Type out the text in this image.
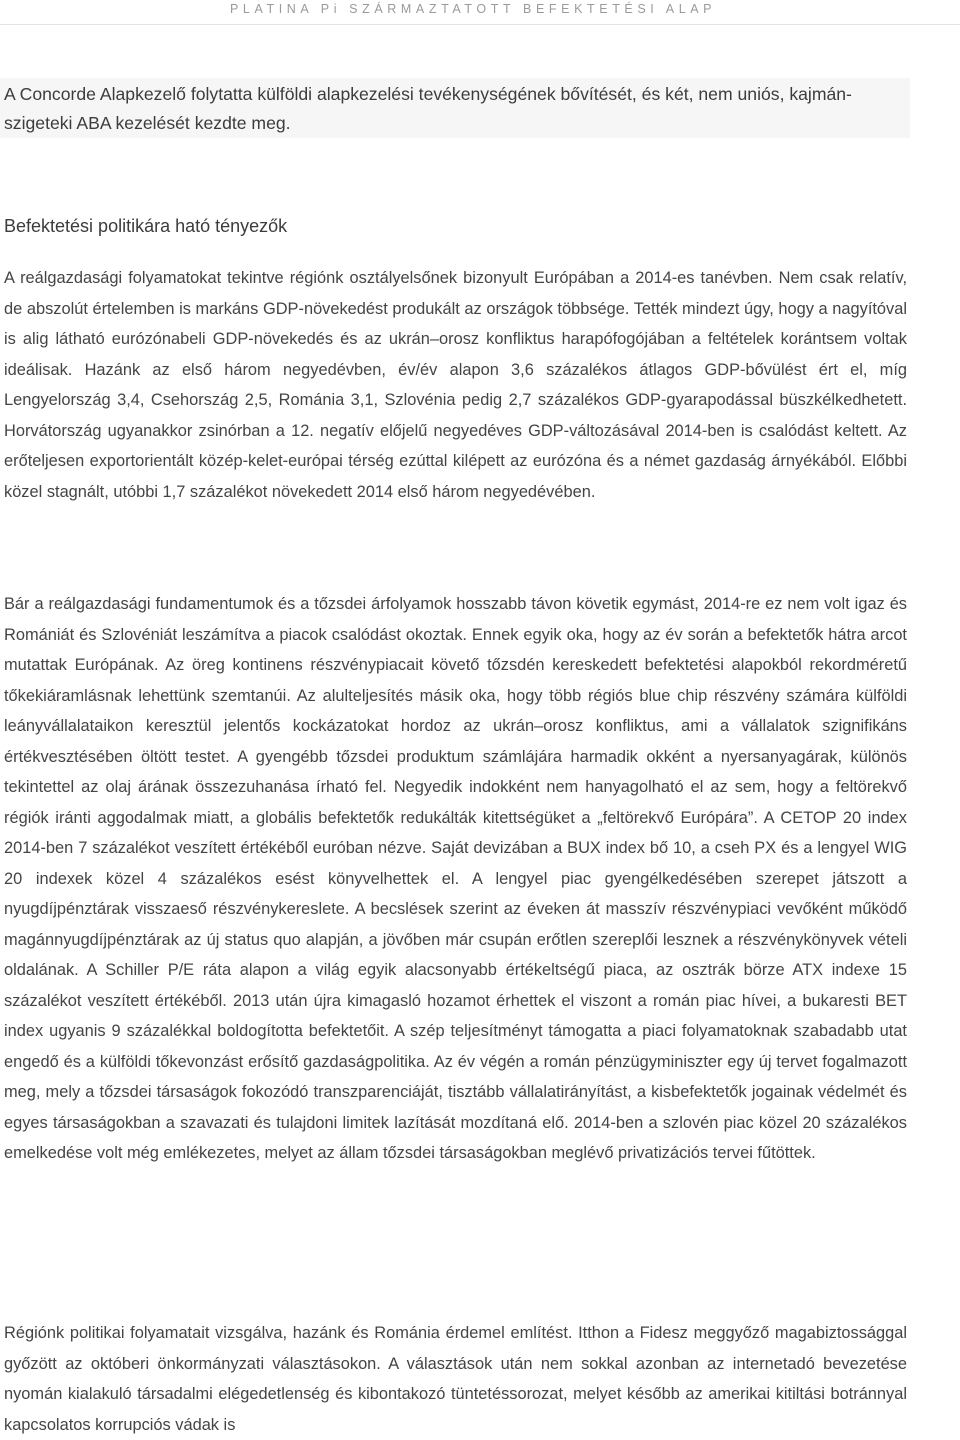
PLATINA Pi SZÁRMAZTATOTT BEFEKTETÉSI ALAP

A Concorde Alapkezelő folytatta külföldi alapkezelési tevékenységének bővítését, és két, nem uniós, kajmán-szigeteki ABA kezelését kezdte meg.

Befektetési politikára ható tényezők

A reálgazdasági folyamatokat tekintve régiónk osztályelsőnek bizonyult Európában a 2014-es tanévben. Nem csak relatív, de abszolút értelemben is markáns GDP-növekedést produkált az országok többsége. Tették mindezt úgy, hogy a nagyítóval is alig látható eurózónabeli GDP-növekedés és az ukrán–orosz konfliktus harapófogójában a feltételek korántsem voltak ideálisak. Hazánk az első három negyedévben, év/év alapon 3,6 százalékos átlagos GDP-bővülést ért el, míg Lengyelország 3,4, Csehország 2,5, Románia 3,1, Szlovénia pedig 2,7 százalékos GDP-gyarapodással büszkélkedhetett. Horvátország ugyanakkor zsinórban a 12. negatív előjelű negyedéves GDP-változásával 2014-ben is csalódást keltett. Az erőteljesen exportorientált közép-kelet-európai térség ezúttal kilépett az eurózóna és a német gazdaság árnyékából. Előbbi közel stagnált, utóbbi 1,7 százalékot növekedett 2014 első három negyedévében.

Bár a reálgazdasági fundamentumok és a tőzsdei árfolyamok hosszabb távon követik egymást, 2014-re ez nem volt igaz és Romániát és Szlovéniát leszámítva a piacok csalódást okoztak. Ennek egyik oka, hogy az év során a befektetők hátra arcot mutattak Európának. Az öreg kontinens részvénypiacait követő tőzsdén kereskedett befektetési alapokból rekordméretű tőkekiáramlásnak lehettünk szemtanúi. Az alulteljesítés másik oka, hogy több régiós blue chip részvény számára külföldi leányvállalataikon keresztül jelentős kockázatokat hordoz az ukrán–orosz konfliktus, ami a vállalatok szignifikáns értékvesztésében öltött testet. A gyengébb tőzsdei produktum számlájára harmadik okként a nyersanyagárak, különös tekintettel az olaj árának összezuhanása írható fel. Negyedik indokként nem hanyagolható el az sem, hogy a feltörekvő régiók iránti aggodalmak miatt, a globális befektetők redukálták kitettségüket a „feltörekvő Európára”. A CETOP 20 index 2014-ben 7 százalékot veszített értékéből euróban nézve. Saját devizában a BUX index bő 10, a cseh PX és a lengyel WIG 20 indexek közel 4 százalékos esést könyvelhettek el. A lengyel piac gyengélkedésében szerepet játszott a nyugdíjpénztárak visszaeső részvénykereslete. A becslések szerint az éveken át masszív részvénypiaci vevőként működő magánnyugdíjpénztárak az új status quo alapján, a jövőben már csupán erőtlen szereplői lesznek a részvénykönyvek vételi oldalának. A Schiller P/E ráta alapon a világ egyik alacsonyabb értékeltségű piaca, az osztrák börze ATX indexe 15 százalékot veszített értékéből. 2013 után újra kimagasló hozamot érhettek el viszont a román piac hívei, a bukaresti BET index ugyanis 9 százalékkal boldogította befektetőit. A szép teljesítményt támogatta a piaci folyamatoknak szabadabb utat engedő és a külföldi tőkevonzást erősítő gazdaságpolitika. Az év végén a román pénzügyminiszter egy új tervet fogalmazott meg, mely a tőzsdei társaságok fokozódó transzparenciáját, tisztább vállalatirányítást, a kisbefektetők jogainak védelmét és egyes társaságokban a szavazati és tulajdoni limitek lazítását mozdítaná elő. 2014-ben a szlovén piac közel 20 százalékos emelkedése volt még emlékezetes, melyet az állam tőzsdei társaságokban meglévő privatizációs tervei fűtöttek.

Régiónk politikai folyamatait vizsgálva, hazánk és Románia érdemel említést. Itthon a Fidesz meggyőző magabiztossággal győzött az októberi önkormányzati választásokon. A választások után nem sokkal azonban az internetadó bevezetése nyomán kialakuló társadalmi elégedetlenség és kibontakozó tüntetéssorozat, melyet később az amerikai kitiltási botránnyal kapcsolatos korrupciós vádak is
